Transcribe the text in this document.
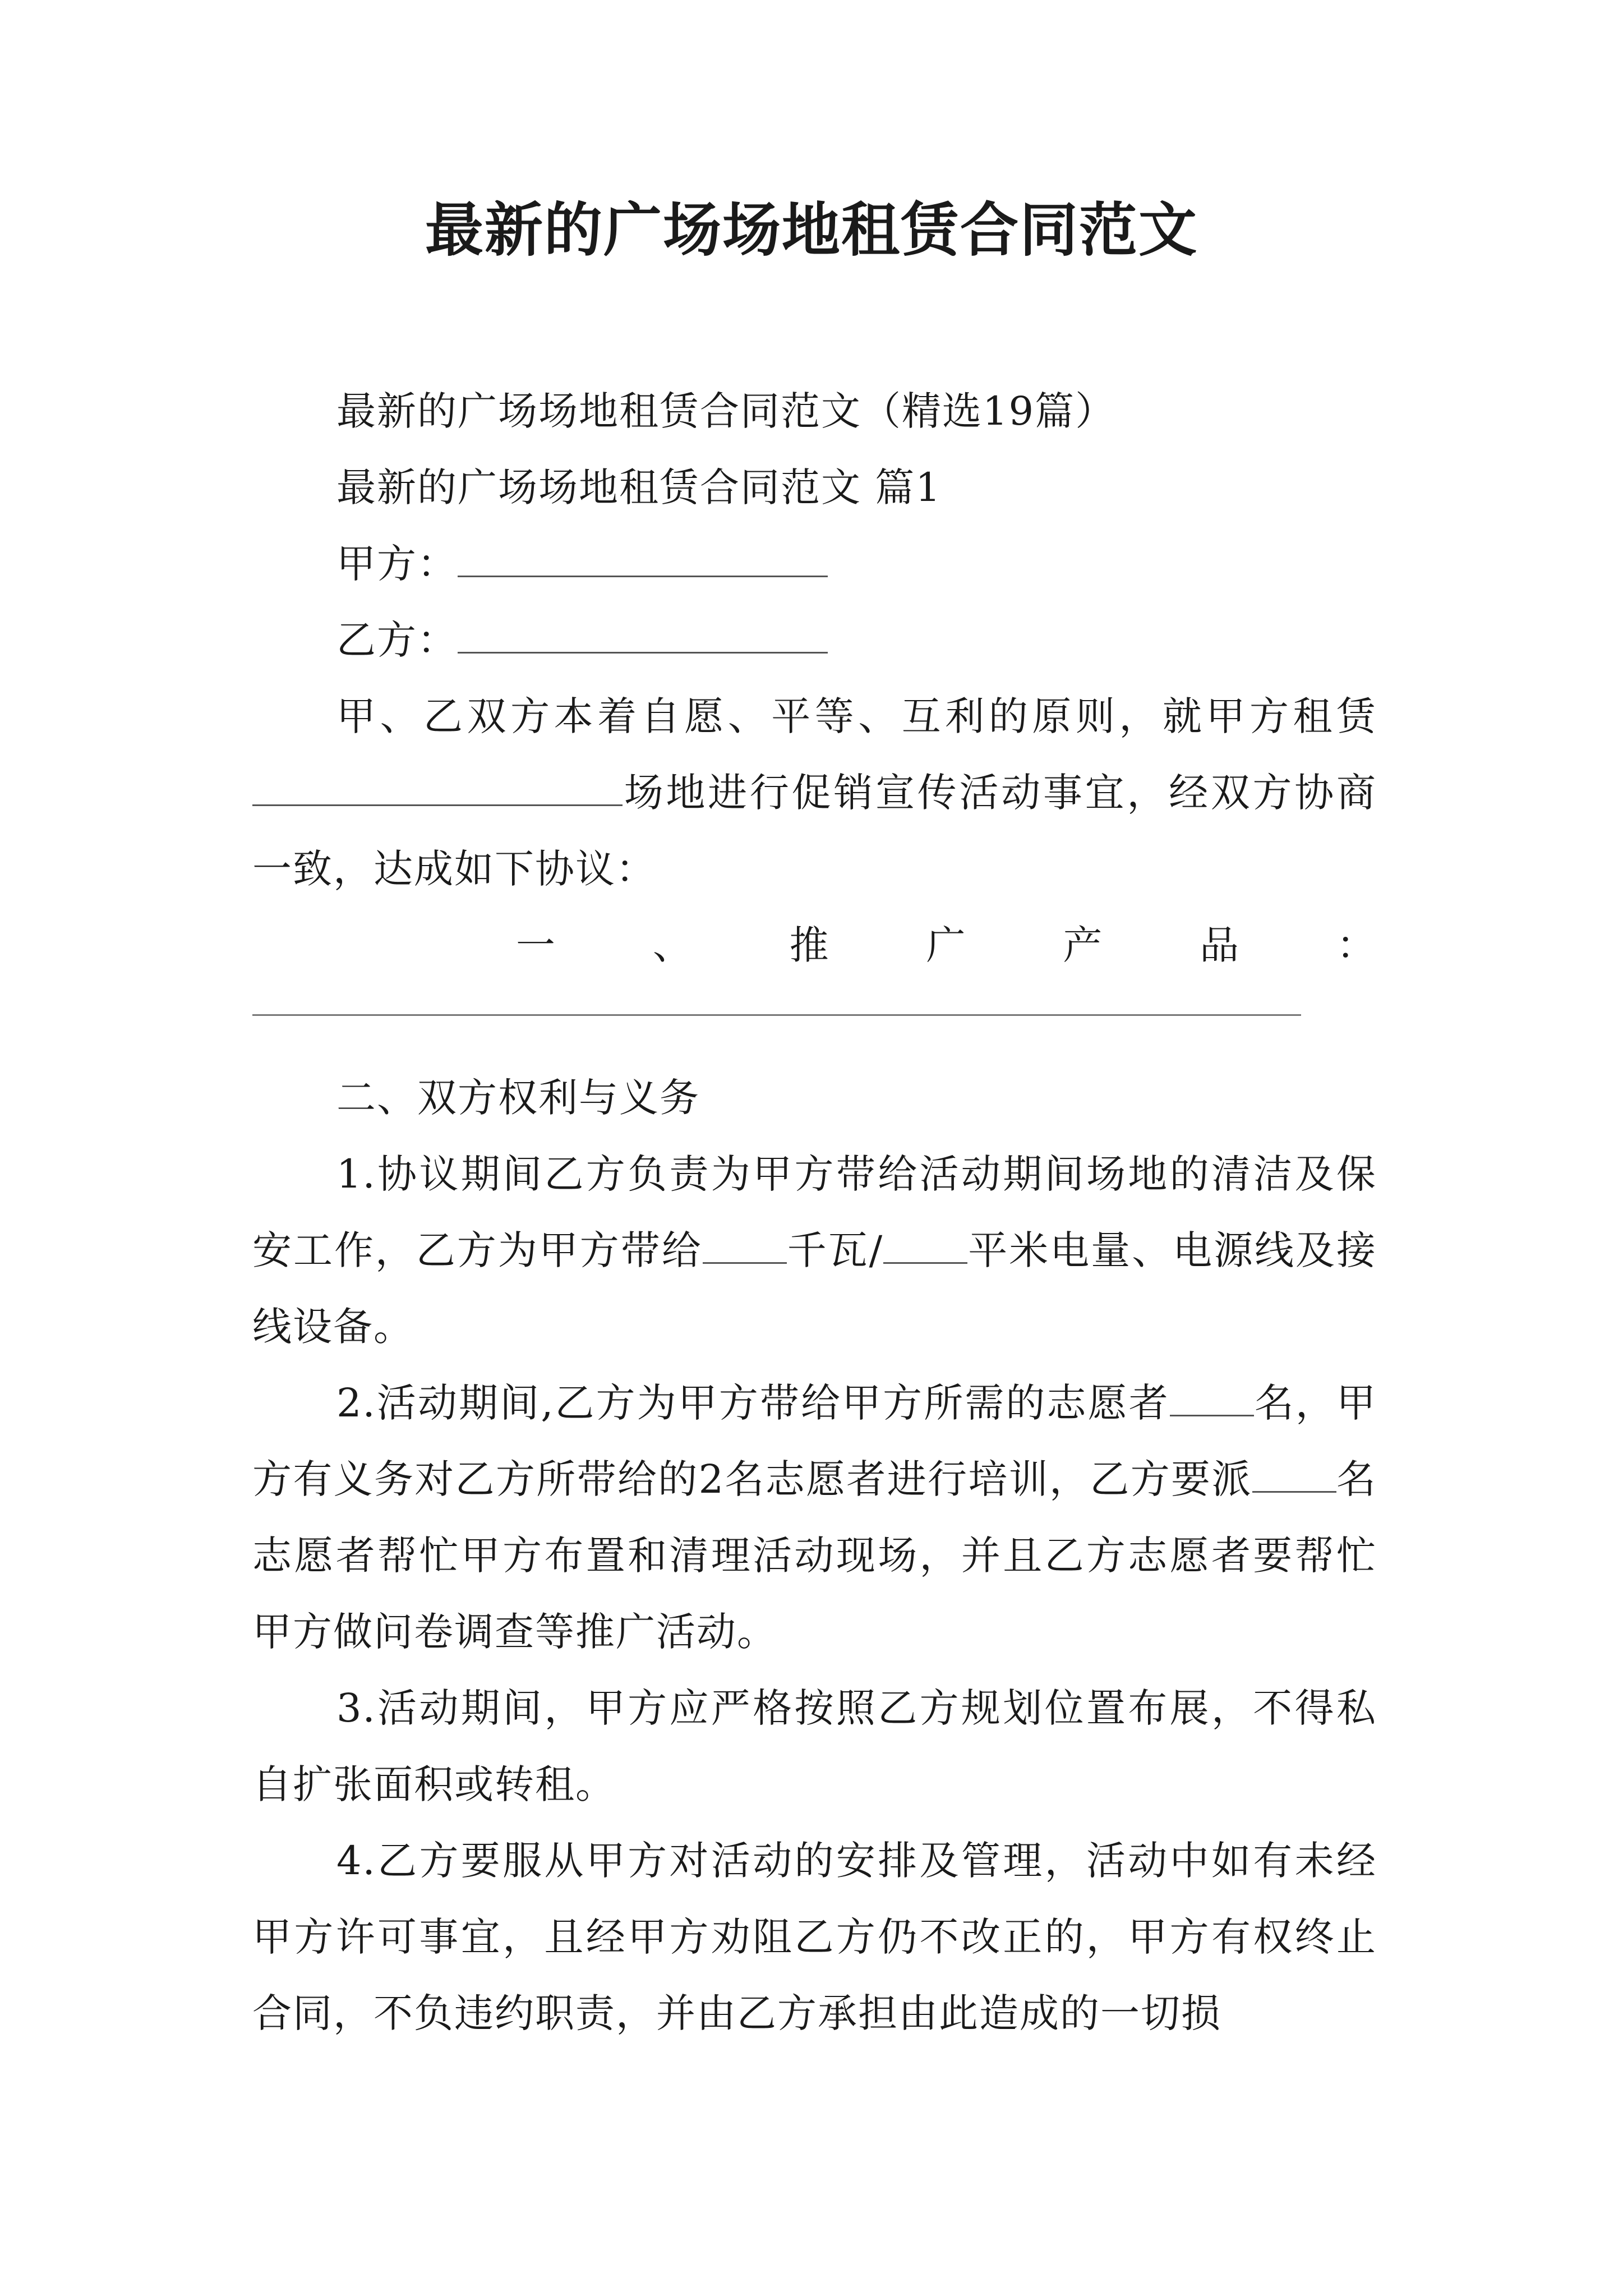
最新的广场场地租赁合同范文

最新的广场场地租赁合同范文（精选19篇）

最新的广场场地租赁合同范文 篇1

甲方：

乙方：

甲、乙双方本着自愿、平等、互利的原则，就甲方租赁场地进行促销宣传活动事宜，经双方协商一致，达成如下协议：

一 、 推 广 产 品 ：

二、双方权利与义务

1.协议期间乙方负责为甲方带给活动期间场地的清洁及保安工作，乙方为甲方带给 千瓦/ 平米电量、电源线及接线设备。

2.活动期间,乙方为甲方带给甲方所需的志愿者 名，甲方有义务对乙方所带给的2名志愿者进行培训，乙方要派 名志愿者帮忙甲方布置和清理活动现场，并且乙方志愿者要帮忙甲方做问卷调查等推广活动。

3.活动期间，甲方应严格按照乙方规划位置布展，不得私自扩张面积或转租。

4.乙方要服从甲方对活动的安排及管理，活动中如有未经甲方许可事宜，且经甲方劝阻乙方仍不改正的，甲方有权终止合同，不负违约职责，并由乙方承担由此造成的一切损
